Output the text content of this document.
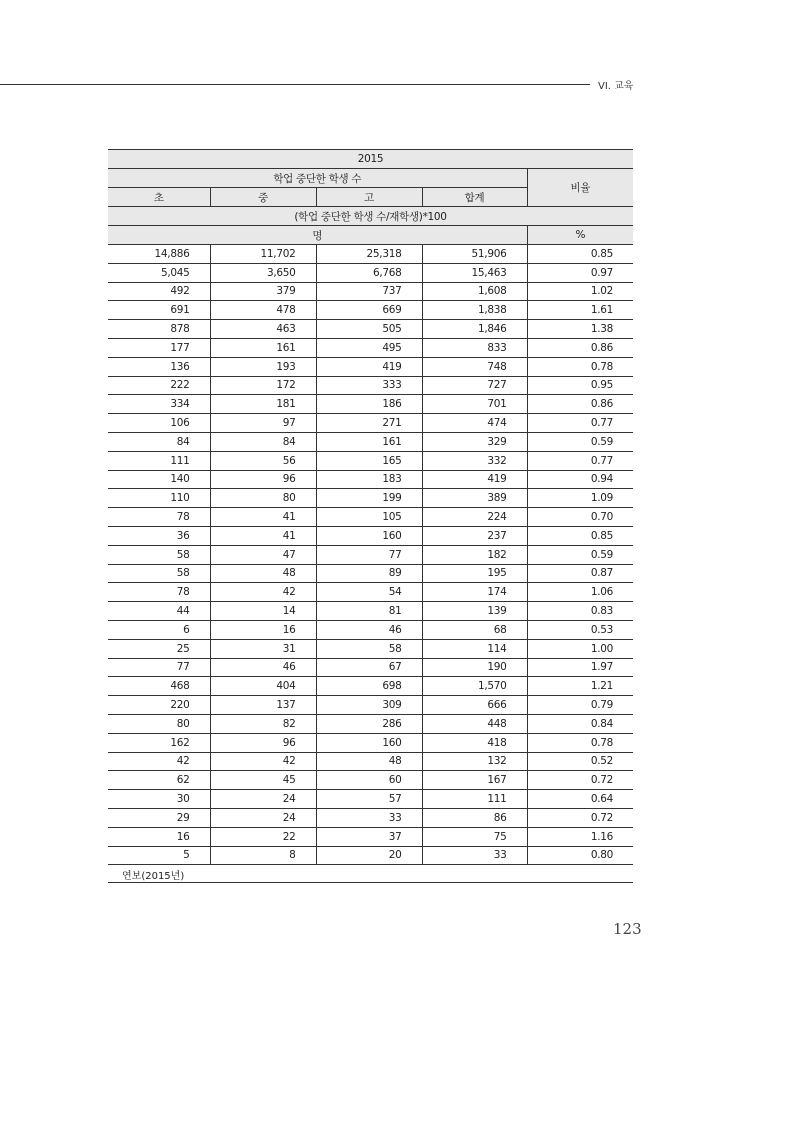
VI. 교육
2015				
학업 중단한 학생 수				비율
초	중	고	합계	
(학업 중단한 학생 수/재학생)*100				
명				%
14,886	11,702	25,318	51,906	0.85
5,045	3,650	6,768	15,463	0.97
492	379	737	1,608	1.02
691	478	669	1,838	1.61
878	463	505	1,846	1.38
177	161	495	833	0.86
136	193	419	748	0.78
222	172	333	727	0.95
334	181	186	701	0.86
106	97	271	474	0.77
84	84	161	329	0.59
111	56	165	332	0.77
140	96	183	419	0.94
110	80	199	389	1.09
78	41	105	224	0.70
36	41	160	237	0.85
58	47	77	182	0.59
58	48	89	195	0.87
78	42	54	174	1.06
44	14	81	139	0.83
6	16	46	68	0.53
25	31	58	114	1.00
77	46	67	190	1.97
468	404	698	1,570	1.21
220	137	309	666	0.79
80	82	286	448	0.84
162	96	160	418	0.78
42	42	48	132	0.52
62	45	60	167	0.72
30	24	57	111	0.64
29	24	33	86	0.72
16	22	37	75	1.16
5	8	20	33	0.80
연보(2015년)
123
